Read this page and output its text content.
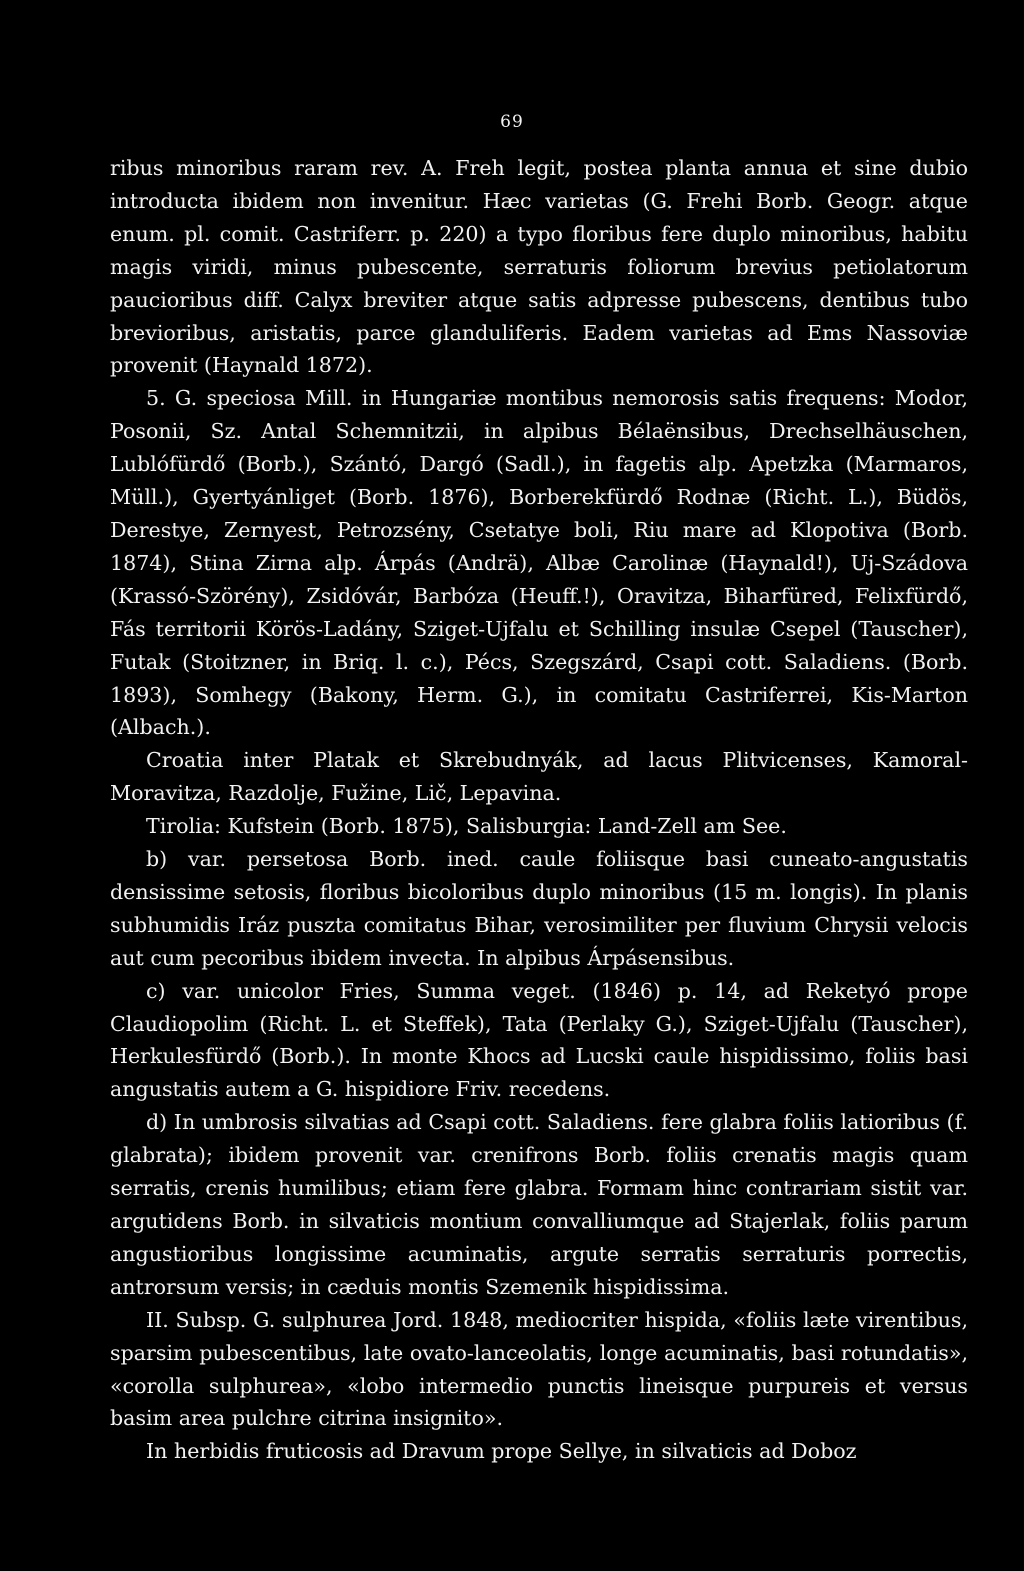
69

ribus minoribus raram rev. A. Freh legit, postea planta annua et sine dubio introducta ibidem non invenitur. Hæc varietas (G. Frehi Borb. Geogr. atque enum. pl. comit. Castriferr. p. 220) a typo floribus fere duplo minoribus, habitu magis viridi, minus pubescente, serraturis foliorum brevius petiolatorum paucioribus diff. Calyx breviter atque satis adpresse pubescens, dentibus tubo brevioribus, aristatis, parce glanduliferis. Eadem varietas ad Ems Nassoviæ provenit (Haynald 1872).

5. G. speciosa Mill. in Hungariæ montibus nemorosis satis frequens: Modor, Posonii, Sz. Antal Schemnitzii, in alpibus Bélaënsibus, Drechselhäuschen, Lublófürdő (Borb.), Szántó, Dargó (Sadl.), in fagetis alp. Apetzka (Marmaros, Müll.), Gyertyánliget (Borb. 1876), Borberekfürdő Rodnæ (Richt. L.), Büdös, Derestye, Zernyest, Petrozsény, Csetatye boli, Riu mare ad Klopotiva (Borb. 1874), Stina Zirna alp. Árpás (Andrä), Albæ Carolinæ (Haynald!), Uj-Szádova (Krassó-Szörény), Zsidóvár, Barbóza (Heuff.!), Oravitza, Biharfüred, Felixfürdő, Fás territorii Körös-Ladány, Sziget-Ujfalu et Schilling insulæ Csepel (Tauscher), Futak (Stoitzner, in Briq. l. c.), Pécs, Szegszárd, Csapi cott. Saladiens. (Borb. 1893), Somhegy (Bakony, Herm. G.), in comitatu Castriferrei, Kis-Marton (Albach.).

Croatia inter Platak et Skrebudnyák, ad lacus Plitvicenses, Kamoral-Moravitza, Razdolje, Fužine, Lič, Lepavina.

Tirolia: Kufstein (Borb. 1875), Salisburgia: Land-Zell am See.

b) var. persetosa Borb. ined. caule foliisque basi cuneato-angustatis densissime setosis, floribus bicoloribus duplo minoribus (15 m. longis). In planis subhumidis Iráz puszta comitatus Bihar, verosimiliter per fluvium Chrysii velocis aut cum pecoribus ibidem invecta. In alpibus Árpásensibus.

c) var. unicolor Fries, Summa veget. (1846) p. 14, ad Reketyó prope Claudiopolim (Richt. L. et Steffek), Tata (Perlaky G.), Sziget-Ujfalu (Tauscher), Herkulesfürdő (Borb.). In monte Khocs ad Lucski caule hispidissimo, foliis basi angustatis autem a G. hispidiore Friv. recedens.

d) In umbrosis silvatias ad Csapi cott. Saladiens. fere glabra foliis latioribus (f. glabrata); ibidem provenit var. crenifrons Borb. foliis crenatis magis quam serratis, crenis humilibus; etiam fere glabra. Formam hinc contrariam sistit var. argutidens Borb. in silvaticis montium convalliumque ad Stajerlak, foliis parum angustioribus longissime acuminatis, argute serratis serraturis porrectis, antrorsum versis; in cæduis montis Szemenik hispidissima.

II. Subsp. G. sulphurea Jord. 1848, mediocriter hispida, «foliis læte virentibus, sparsim pubescentibus, late ovato-lanceolatis, longe acuminatis, basi rotundatis», «corolla sulphurea», «lobo intermedio punctis lineisque purpureis et versus basim area pulchre citrina insignito».

In herbidis fruticosis ad Dravum prope Sellye, in silvaticis ad Doboz
